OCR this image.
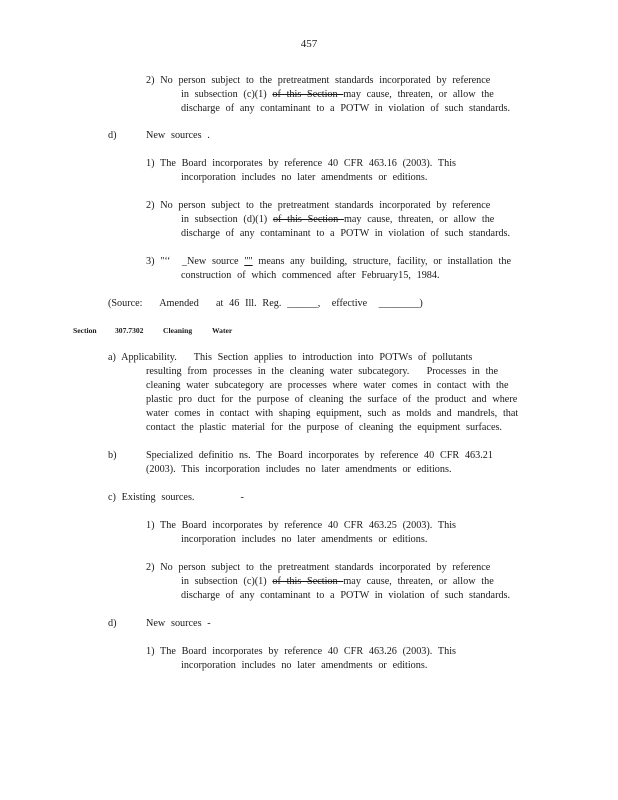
457
2) No person subject to the pretreatment standards incorporated by reference
in subsection (c)(1) of this Section may cause, threaten, or allow the
discharge of any contaminant to a POTW in violation of such standards.
d)	New sources .
1) The Board incorporates by reference 40 CFR 463.16 (2003). This
incorporation includes no later amendments or editions.
2) No person subject to the pretreatment standards incorporated by reference
in subsection (d)(1) of this Section may cause, threaten, or allow the
discharge of any contaminant to a POTW in violation of such standards.
3) "‘‘  _New source "" means any building, structure, facility, or installation the
construction of which commenced after February15, 1984.
(Source:   Amended   at 46 Ill. Reg. ______,  effective  ________)
Section 307.7302	Cleaning	Water
a) Applicability.   This Section applies to introduction into POTWs of pollutants
resulting from processes in the cleaning water subcategory.   Processes in the
cleaning water subcategory are processes where water comes in contact with the
plastic pro duct for the purpose of cleaning the surface of the product and where
water comes in contact with shaping equipment, such as molds and mandrels, that
contact the plastic material for the purpose of cleaning the equipment surfaces.
b)	Specialized definitio ns. The Board incorporates by reference 40 CFR 463.21
(2003). This incorporation includes no later amendments or editions.
c) Existing sources.        -
1) The Board incorporates by reference 40 CFR 463.25 (2003). This
incorporation includes no later amendments or editions.
2) No person subject to the pretreatment standards incorporated by reference
in subsection (c)(1) of this Section may cause, threaten, or allow the
discharge of any contaminant to a POTW in violation of such standards.
d)	New sources -
1) The Board incorporates by reference 40 CFR 463.26 (2003). This
incorporation includes no later amendments or editions.
